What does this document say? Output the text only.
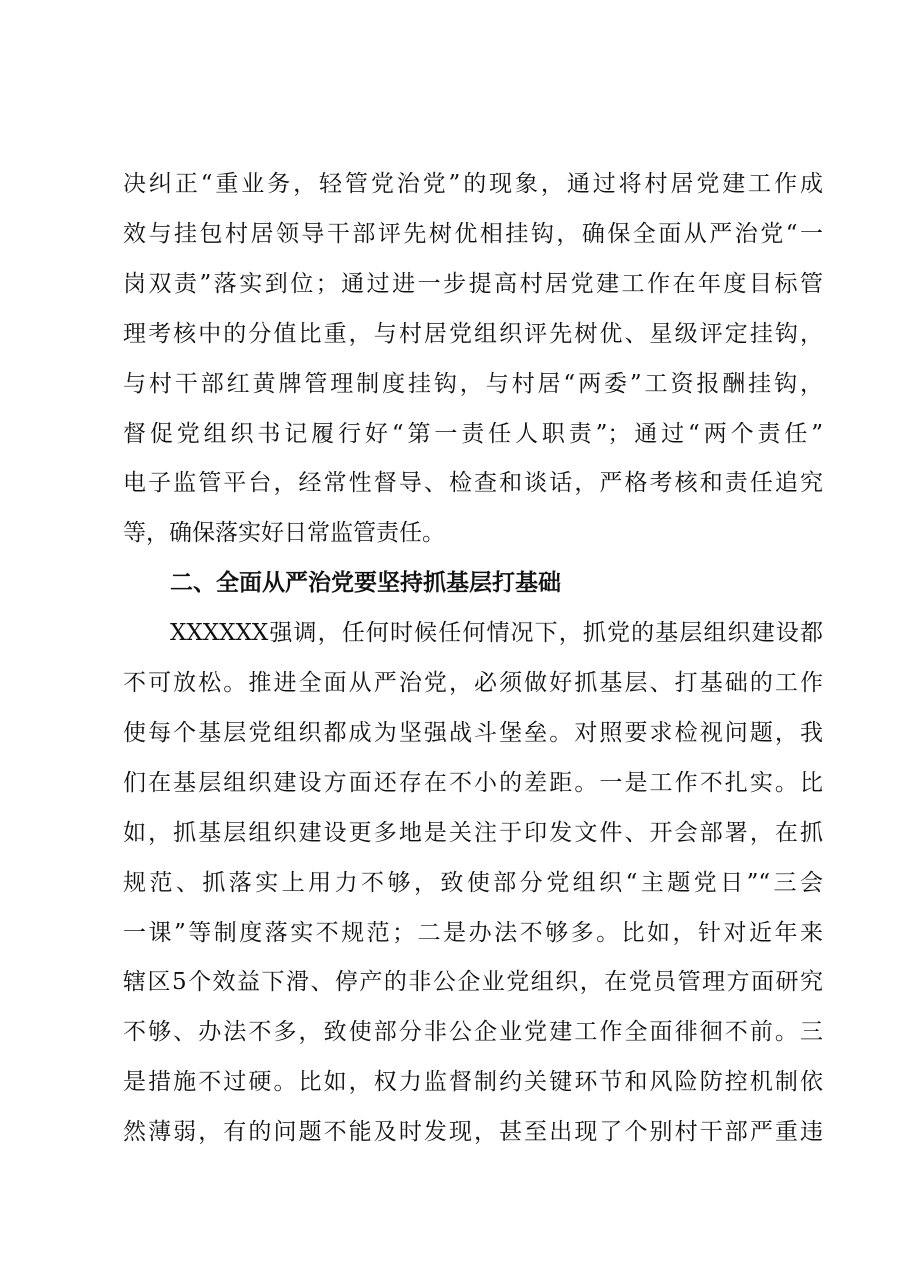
决纠正“重业务，轻管党治党”的现象，通过将村居党建工作成
效与挂包村居领导干部评先树优相挂钩，确保全面从严治党“一
岗双责”落实到位；通过进一步提高村居党建工作在年度目标管
理考核中的分值比重，与村居党组织评先树优、星级评定挂钩，
与村干部红黄牌管理制度挂钩，与村居“两委”工资报酬挂钩，
督促党组织书记履行好“第一责任人职责”；通过“两个责任”
电子监管平台，经常性督导、检查和谈话，严格考核和责任追究
等，确保落实好日常监管责任。
二、全面从严治党要坚持抓基层打基础
XXXXXX强调，任何时候任何情况下，抓党的基层组织建设都
不可放松。推进全面从严治党，必须做好抓基层、打基础的工作
使每个基层党组织都成为坚强战斗堡垒。对照要求检视问题，我
们在基层组织建设方面还存在不小的差距。一是工作不扎实。比
如，抓基层组织建设更多地是关注于印发文件、开会部署，在抓
规范、抓落实上用力不够，致使部分党组织“主题党日”“三会
一课”等制度落实不规范；二是办法不够多。比如，针对近年来
辖区5个效益下滑、停产的非公企业党组织，在党员管理方面研究
不够、办法不多，致使部分非公企业党建工作全面徘徊不前。三
是措施不过硬。比如，权力监督制约关键环节和风险防控机制依
然薄弱，有的问题不能及时发现，甚至出现了个别村干部严重违
